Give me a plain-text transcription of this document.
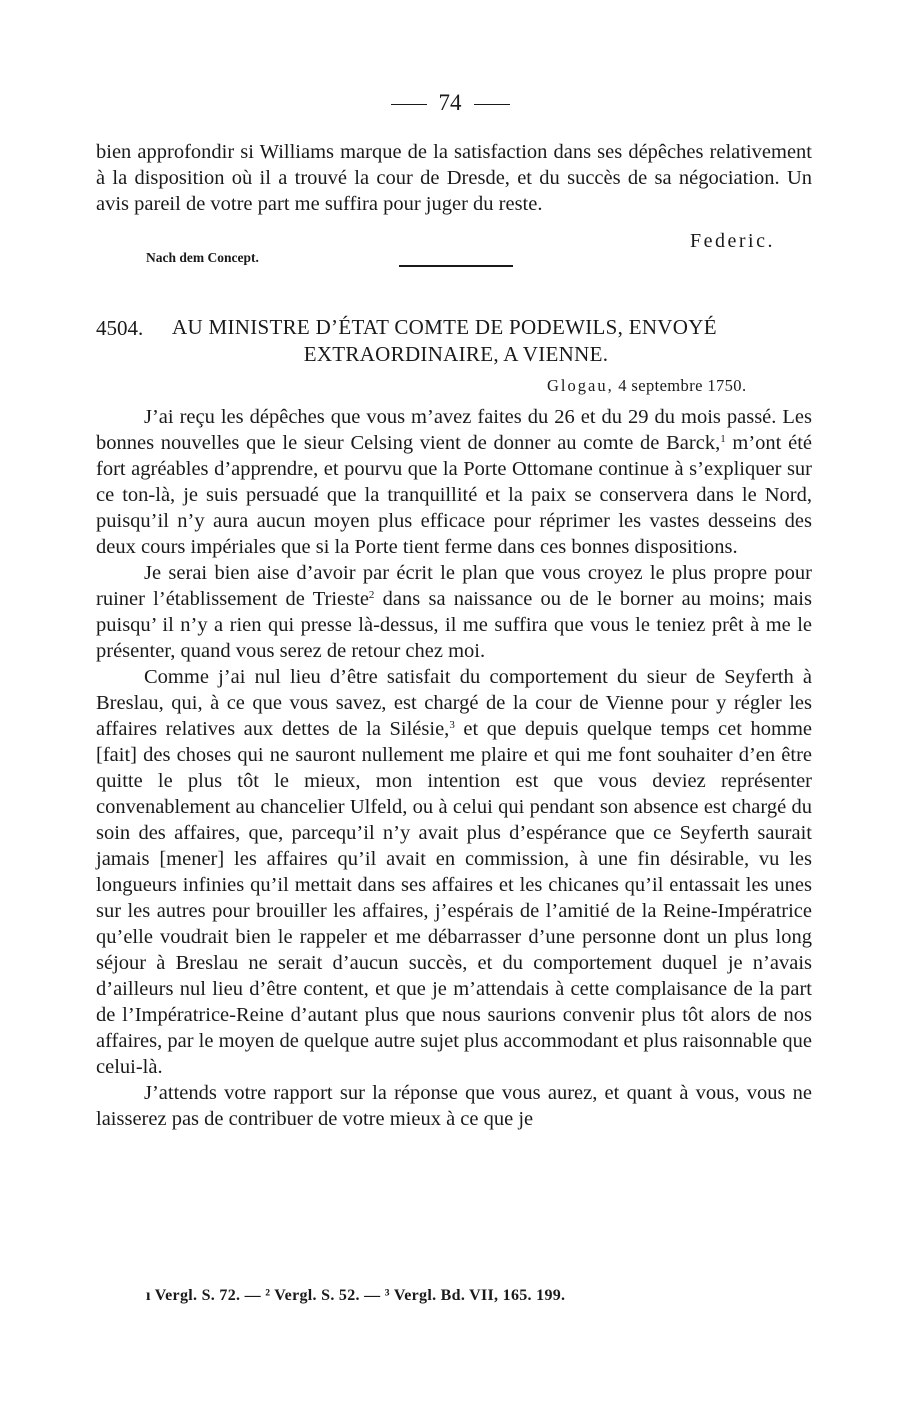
74

bien approfondir si Williams marque de la satisfaction dans ses dépêches relativement à la disposition où il a trouvé la cour de Dresde, et du succès de sa négociation. Un avis pareil de votre part me suffira pour juger du reste.

Federic.
Nach dem Concept.
4504. AU MINISTRE D’ÉTAT COMTE DE PODEWILS, ENVOYÉ
EXTRAORDINAIRE, A VIENNE.
Glogau, 4 septembre 1750.

J’ai reçu les dépêches que vous m’avez faites du 26 et du 29 du mois passé. Les bonnes nouvelles que le sieur Celsing vient de donner au comte de Barck,$^1$ m’ont été fort agréables d’apprendre, et pourvu que la Porte Ottomane continue à s’expliquer sur ce ton-là, je suis persuadé que la tranquillité et la paix se conservera dans le Nord, puisqu’il n’y aura aucun moyen plus efficace pour réprimer les vastes desseins des deux cours impériales que si la Porte tient ferme dans ces bonnes dispositions.

Je serai bien aise d’avoir par écrit le plan que vous croyez le plus propre pour ruiner l’établissement de Trieste$^2$ dans sa naissance ou de le borner au moins; mais puisqu’ il n’y a rien qui presse là-dessus, il me suffira que vous le teniez prêt à me le présenter, quand vous serez de retour chez moi.

Comme j’ai nul lieu d’être satisfait du comportement du sieur de Seyferth à Breslau, qui, à ce que vous savez, est chargé de la cour de Vienne pour y régler les affaires relatives aux dettes de la Silésie,$^3$ et que depuis quelque temps cet homme [fait] des choses qui ne sauront nullement me plaire et qui me font souhaiter d’en être quitte le plus tôt le mieux, mon intention est que vous deviez représenter convenablement au chancelier Ulfeld, ou à celui qui pendant son absence est chargé du soin des affaires, que, parcequ’il n’y avait plus d’espérance que ce Seyferth saurait jamais [mener] les affaires qu’il avait en commission, à une fin désirable, vu les longueurs infinies qu’il mettait dans ses affaires et les chicanes qu’il entassait les unes sur les autres pour brouiller les affaires, j’espérais de l’amitié de la Reine-Impératrice qu’elle voudrait bien le rappeler et me débarrasser d’une personne dont un plus long séjour à Breslau ne serait d’aucun succès, et du comportement duquel je n’avais d’ailleurs nul lieu d’être content, et que je m’attendais à cette complaisance de la part de l’Impératrice-Reine d’autant plus que nous saurions convenir plus tôt alors de nos affaires, par le moyen de quelque autre sujet plus accommodant et plus raisonnable que celui-là.

J’attends votre rapport sur la réponse que vous aurez, et quant à vous, vous ne laisserez pas de contribuer de votre mieux à ce que je

ı Vergl. S. 72. — ² Vergl. S. 52. — ³ Vergl. Bd. VII, 165. 199.
